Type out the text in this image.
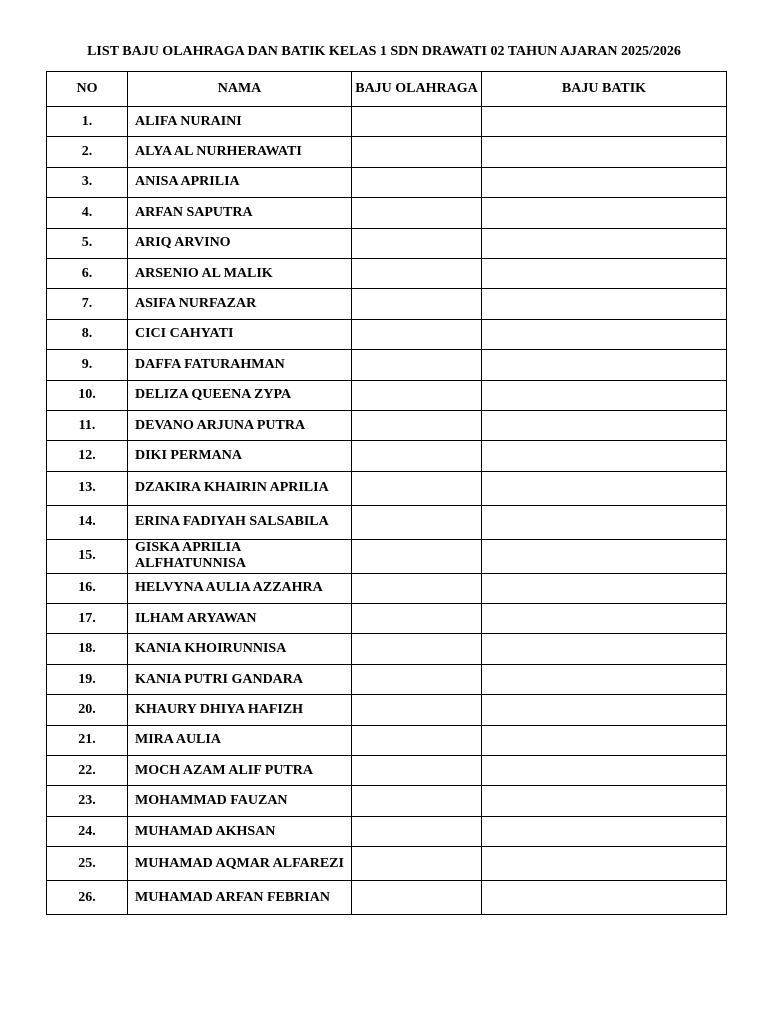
LIST BAJU OLAHRAGA DAN BATIK KELAS 1 SDN DRAWATI 02 TAHUN AJARAN 2025/2026
NO	NAMA	BAJU OLAHRAGA	BAJU BATIK
1.	ALIFA NURAINI		
2.	ALYA AL NURHERAWATI		
3.	ANISA APRILIA		
4.	ARFAN SAPUTRA		
5.	ARIQ ARVINO		
6.	ARSENIO AL MALIK		
7.	ASIFA NURFAZAR		
8.	CICI CAHYATI		
9.	DAFFA FATURAHMAN		
10.	DELIZA QUEENA ZYPA		
11.	DEVANO ARJUNA PUTRA		
12.	DIKI PERMANA		
13.	DZAKIRA KHAIRIN APRILIA		
14.	ERINA FADIYAH SALSABILA		
15.	GISKA APRILIA ALFHATUNNISA		
16.	HELVYNA AULIA AZZAHRA		
17.	ILHAM ARYAWAN		
18.	KANIA KHOIRUNNISA		
19.	KANIA PUTRI GANDARA		
20.	KHAURY DHIYA HAFIZH		
21.	MIRA AULIA		
22.	MOCH AZAM ALIF PUTRA		
23.	MOHAMMAD FAUZAN		
24.	MUHAMAD AKHSAN		
25.	MUHAMAD AQMAR ALFAREZI		
26.	MUHAMAD ARFAN FEBRIAN		
